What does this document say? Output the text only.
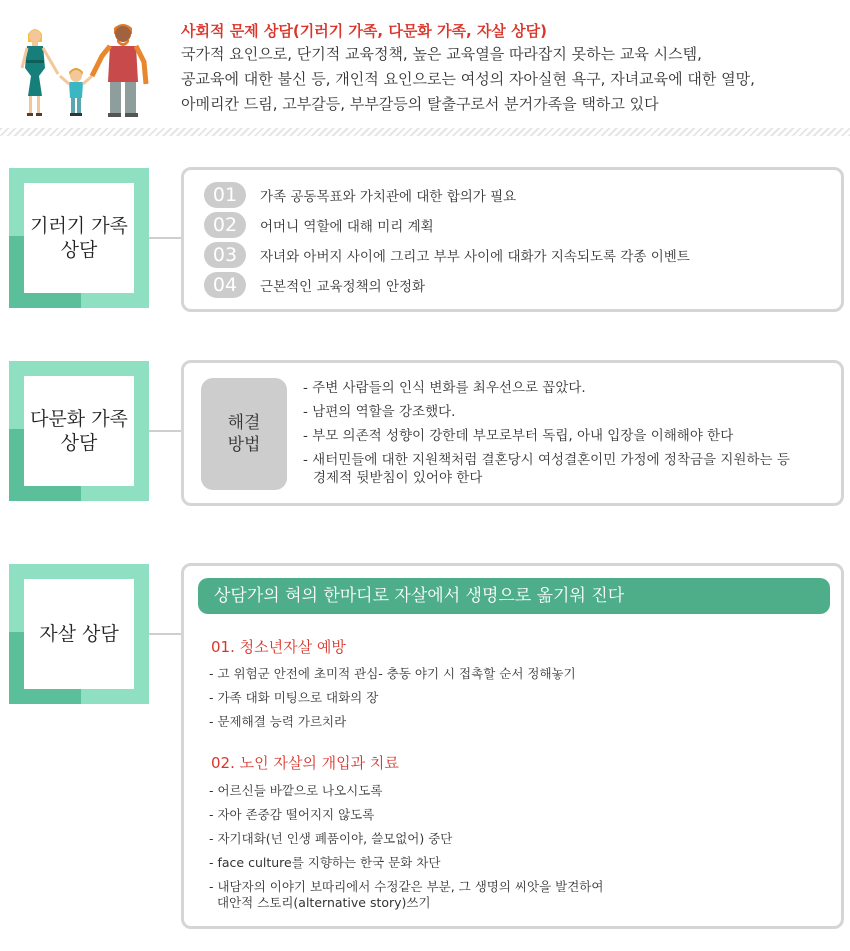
사회적 문제 상담(기러기 가족, 다문화 가족, 자살 상담)
국가적 요인으로, 단기적 교육정책, 높은 교육열을 따라잡지 못하는 교육 시스템,
공교육에 대한 불신 등, 개인적 요인으로는 여성의 자아실현 욕구, 자녀교육에 대한 열망,
아메리칸 드림, 고부갈등, 부부갈등의 탈출구로서 분거가족을 택하고 있다
기러기 가족
상담
01	가족 공동목표와 가치관에 대한 합의가 필요
02	어머니 역할에 대해 미리 계획
03	자녀와 아버지 사이에 그리고 부부 사이에 대화가 지속되도록 각종 이벤트
04	근본적인 교육정책의 안정화
다문화 가족
상담
해결
방법
- 주변 사람들의 인식 변화를 최우선으로 꼽았다.
- 남편의 역할을 강조했다.
- 부모 의존적 성향이 강한데 부모로부터 독립, 아내 입장을 이해해야 한다
- 새터민들에 대한 지원책처럼 결혼당시 여성결혼이민 가정에 정착금을 지원하는 등
경제적 뒷받침이 있어야 한다
자살 상담
상담가의 혀의 한마디로 자살에서 생명으로 옮기워 진다
01. 청소년자살 예방
- 고 위험군 안전에 초미적 관심- 충동 야기 시 접촉할 순서 정해놓기
- 가족 대화 미팅으로 대화의 장
- 문제해결 능력 가르치라
02. 노인 자살의 개입과 치료
- 어르신들 바깥으로 나오시도록
- 자아 존중감 떨어지지 않도록
- 자기대화(넌 인생 폐품이야, 쓸모없어) 중단
- face culture를 지향하는 한국 문화 차단
- 내담자의 이야기 보따리에서 수정같은 부분, 그 생명의 씨앗을 발견하여
대안적 스토리(alternative story)쓰기
